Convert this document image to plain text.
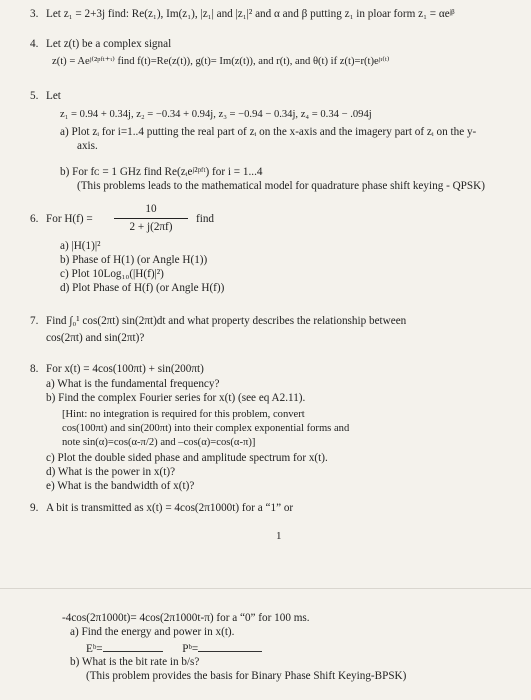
3. Let z₁ = 2+3j find: Re(z₁), Im(z₁), |z₁| and |z₁|² and α and β putting z₁ in ploar form z₁ = αeʲᵝ
4. Let z(t) be a complex signal
z(t) = Aeʲ⁽²ᵖᶠᵗ⁺ᶥ⁾ find f(t)=Re(z(t)), g(t)= Im(z(t)), and r(t), and θ(t) if z(t)=r(t)eʲᶥ⁽ᵗ⁾
5. Let
z₁ = 0.94 + 0.34j, z₂ = −0.34 + 0.94j, z₃ = −0.94 − 0.34j, z₄ = 0.34 − .094j
a) Plot zᵢ for i=1..4 putting the real part of zᵢ on the x-axis and the imagery part of zᵢ on the y-
axis.
b) For fᴄ = 1 GHz find Re(zᵢeʲ²ᵖᶠᵗ) for i = 1...4
(This problems leads to the mathematical model for quadrature phase shift keying - QPSK)
6. For H(f) =
10
2 + j(2πf)
find
a) |H(1)|²
b) Phase of H(1) (or Angle H(1))
c) Plot 10Log₁₀(|H(f)|²)
d) Plot Phase of H(f) (or Angle H(f))
7. Find ∫₀¹ cos(2πt) sin(2πt)dt and what property describes the relationship between
cos(2πt) and sin(2πt)?
8. For x(t) = 4cos(100πt) + sin(200πt)
a) What is the fundamental frequency?
b) Find the complex Fourier series for x(t) (see eq A2.11).
[Hint: no integration is required for this problem, convert
cos(100πt) and sin(200πt) into their complex exponential forms and
note sin(α)=cos(α-π/2) and –cos(α)=cos(α-π)]
c) Plot the double sided phase and amplitude spectrum for x(t).
d) What is the power in x(t)?
e) What is the bandwidth of x(t)?
9. A bit is transmitted as x(t) = 4cos(2π1000t) for a “1” or
1
-4cos(2π1000t)= 4cos(2π1000t-π) for a “0” for 100 ms.
a) Find the energy and power in x(t).
Eᵇ=	Pᵇ=
b) What is the bit rate in b/s?
(This problem provides the basis for Binary Phase Shift Keying-BPSK)
